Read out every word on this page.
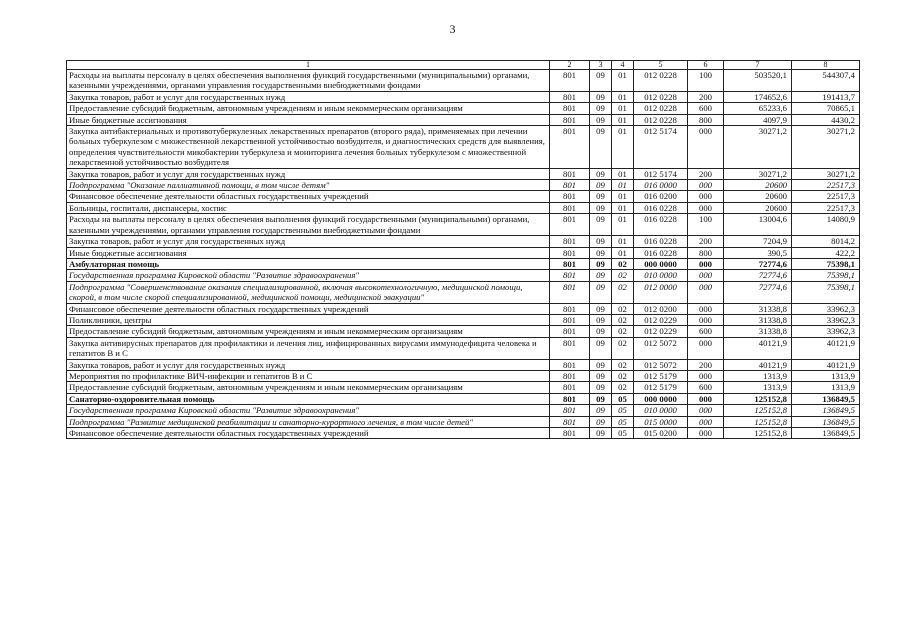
3
1	2	3	4	5	6	7	8
Расходы на выплаты персоналу в целях обеспечения выполнения функций государственными (муниципальными) органами, казенными учреждениями, органами управления государственными внебюджетными фондами	801	09	01	012 0228	100	503520,1	544307,4
Закупка товаров, работ и услуг для государственных нужд	801	09	01	012 0228	200	174652,6	191413,7
Предоставление субсидий бюджетным, автономным учреждениям и иным некоммерческим организациям	801	09	01	012 0228	600	65233,6	70865,1
Иные бюджетные ассигнования	801	09	01	012 0228	800	4097,9	4430,2
Закупка антибактериальных и противотуберкулезных лекарственных препаратов (второго ряда), применяемых при лечении больных туберкулезом с множественной лекарственной устойчивостью возбудителя, и диагностических средств для выявления, определения чувствительности микобактерии туберкулеза и мониторинга лечения больных туберкулезом с множественной лекарственной устойчивостью возбудителя	801	09	01	012 5174	000	30271,2	30271,2
Закупка товаров, работ и услуг для государственных нужд	801	09	01	012 5174	200	30271,2	30271,2
Подпрограмма "Оказание паллиативной помощи, в том числе детям"	801	09	01	016 0000	000	20600	22517,3
Финансовое обеспечение деятельности областных государственных учреждений	801	09	01	016 0200	000	20600	22517,3
Больницы, госпитали, диспансеры, хоспис	801	09	01	016 0228	000	20600	22517,3
Расходы на выплаты персоналу в целях обеспечения выполнения функций государственными (муниципальными) органами, казенными учреждениями, органами управления государственными внебюджетными фондами	801	09	01	016 0228	100	13004,6	14080,9
Закупка товаров, работ и услуг для государственных нужд	801	09	01	016 0228	200	7204,9	8014,2
Иные бюджетные ассигнования	801	09	01	016 0228	800	390,5	422,2
Амбулаторная помощь	801	09	02	000 0000	000	72774,6	75398,1
Государственная программа Кировской области "Развитие здравоохранения"	801	09	02	010 0000	000	72774,6	75398,1
Подпрограмма "Совершенствование оказания специализированной, включая высокотехнологичную, медицинской помощи, скорой, в том числе скорой специализированной, медицинской помощи, медицинской эвакуации"	801	09	02	012 0000	000	72774,6	75398,1
Финансовое обеспечение деятельности областных государственных учреждений	801	09	02	012 0200	000	31338,8	33962,3
Поликлиники, центры	801	09	02	012 0229	000	31338,8	33962,3
Предоставление субсидий бюджетным, автономным учреждениям и иным некоммерческим организациям	801	09	02	012 0229	600	31338,8	33962,3
Закупка антивирусных препаратов для профилактики и лечения лиц, инфицированных вирусами иммунодефицита человека и гепатитов В и С	801	09	02	012 5072	000	40121,9	40121,9
Закупка товаров, работ и услуг для государственных нужд	801	09	02	012 5072	200	40121,9	40121,9
Мероприятия по профилактике ВИЧ-инфекции и гепатитов В и С	801	09	02	012 5179	000	1313,9	1313,9
Предоставление субсидий бюджетным, автономным учреждениям и иным некоммерческим организациям	801	09	02	012 5179	600	1313,9	1313,9
Санаторно-оздоровительная помощь	801	09	05	000 0000	000	125152,8	136849,5
Государственная программа Кировской области "Развитие здравоохранения"	801	09	05	010 0000	000	125152,8	136849,5
Подпрограмма "Развитие медицинской реабилитации и санаторно-курортного лечения, в том числе детей"	801	09	05	015 0000	000	125152,8	136849,5
Финансовое обеспечение деятельности областных государственных учреждений	801	09	05	015 0200	000	125152,8	136849,5
